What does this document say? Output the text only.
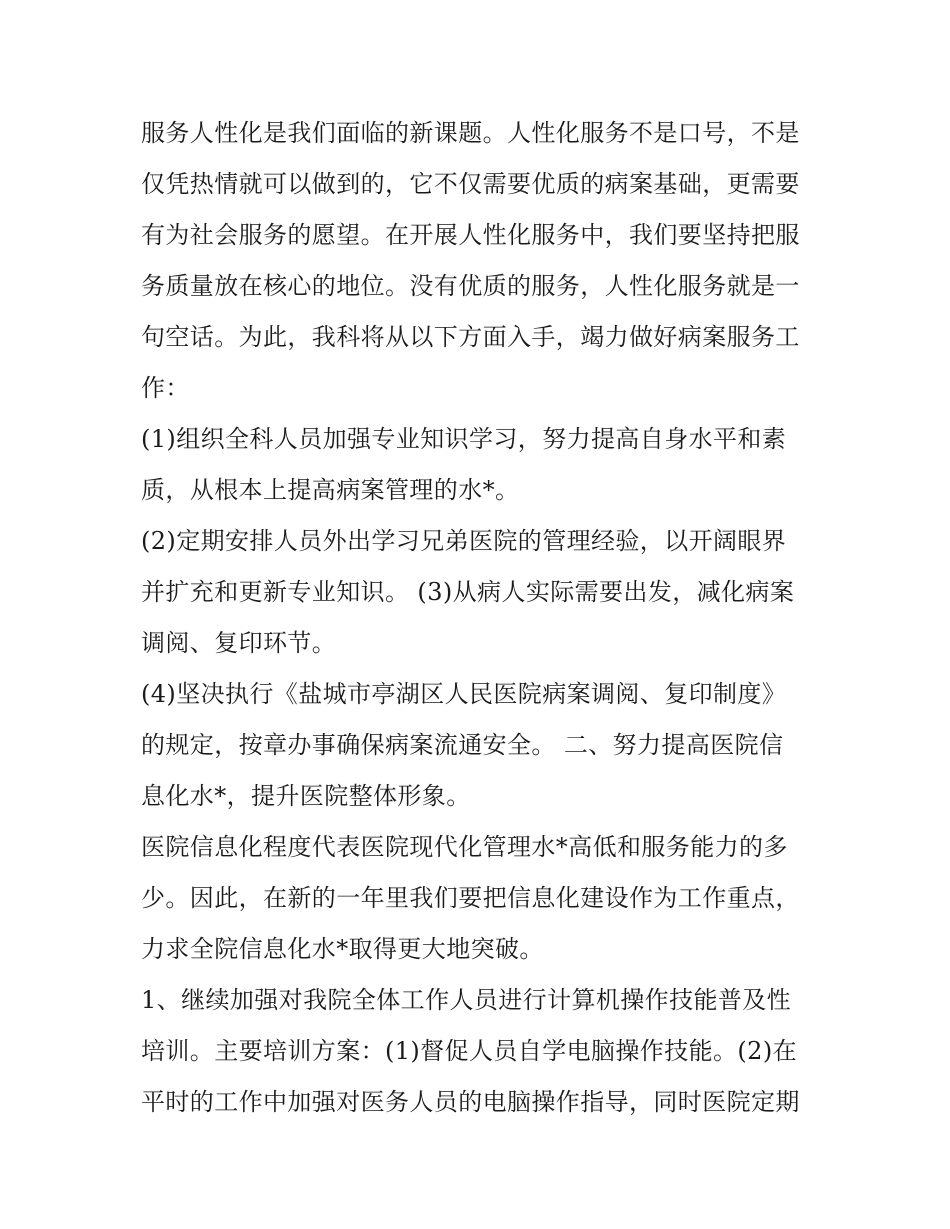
服务人性化是我们面临的新课题。人性化服务不是口号，不是
仅凭热情就可以做到的，它不仅需要优质的病案基础，更需要
有为社会服务的愿望。在开展人性化服务中，我们要坚持把服
务质量放在核心的地位。没有优质的服务，人性化服务就是一
句空话。为此，我科将从以下方面入手，竭力做好病案服务工
作：
(1)组织全科人员加强专业知识学习，努力提高自身水平和素
质，从根本上提高病案管理的水*。
(2)定期安排人员外出学习兄弟医院的管理经验，以开阔眼界
并扩充和更新专业知识。 (3)从病人实际需要出发，减化病案
调阅、复印环节。
(4)坚决执行《盐城市亭湖区人民医院病案调阅、复印制度》
的规定，按章办事确保病案流通安全。 二、努力提高医院信
息化水*，提升医院整体形象。
医院信息化程度代表医院现代化管理水*高低和服务能力的多
少。因此，在新的一年里我们要把信息化建设作为工作重点，
力求全院信息化水*取得更大地突破。
1、继续加强对我院全体工作人员进行计算机操作技能普及性
培训。主要培训方案：(1)督促人员自学电脑操作技能。(2)在
平时的工作中加强对医务人员的电脑操作指导，同时医院定期
